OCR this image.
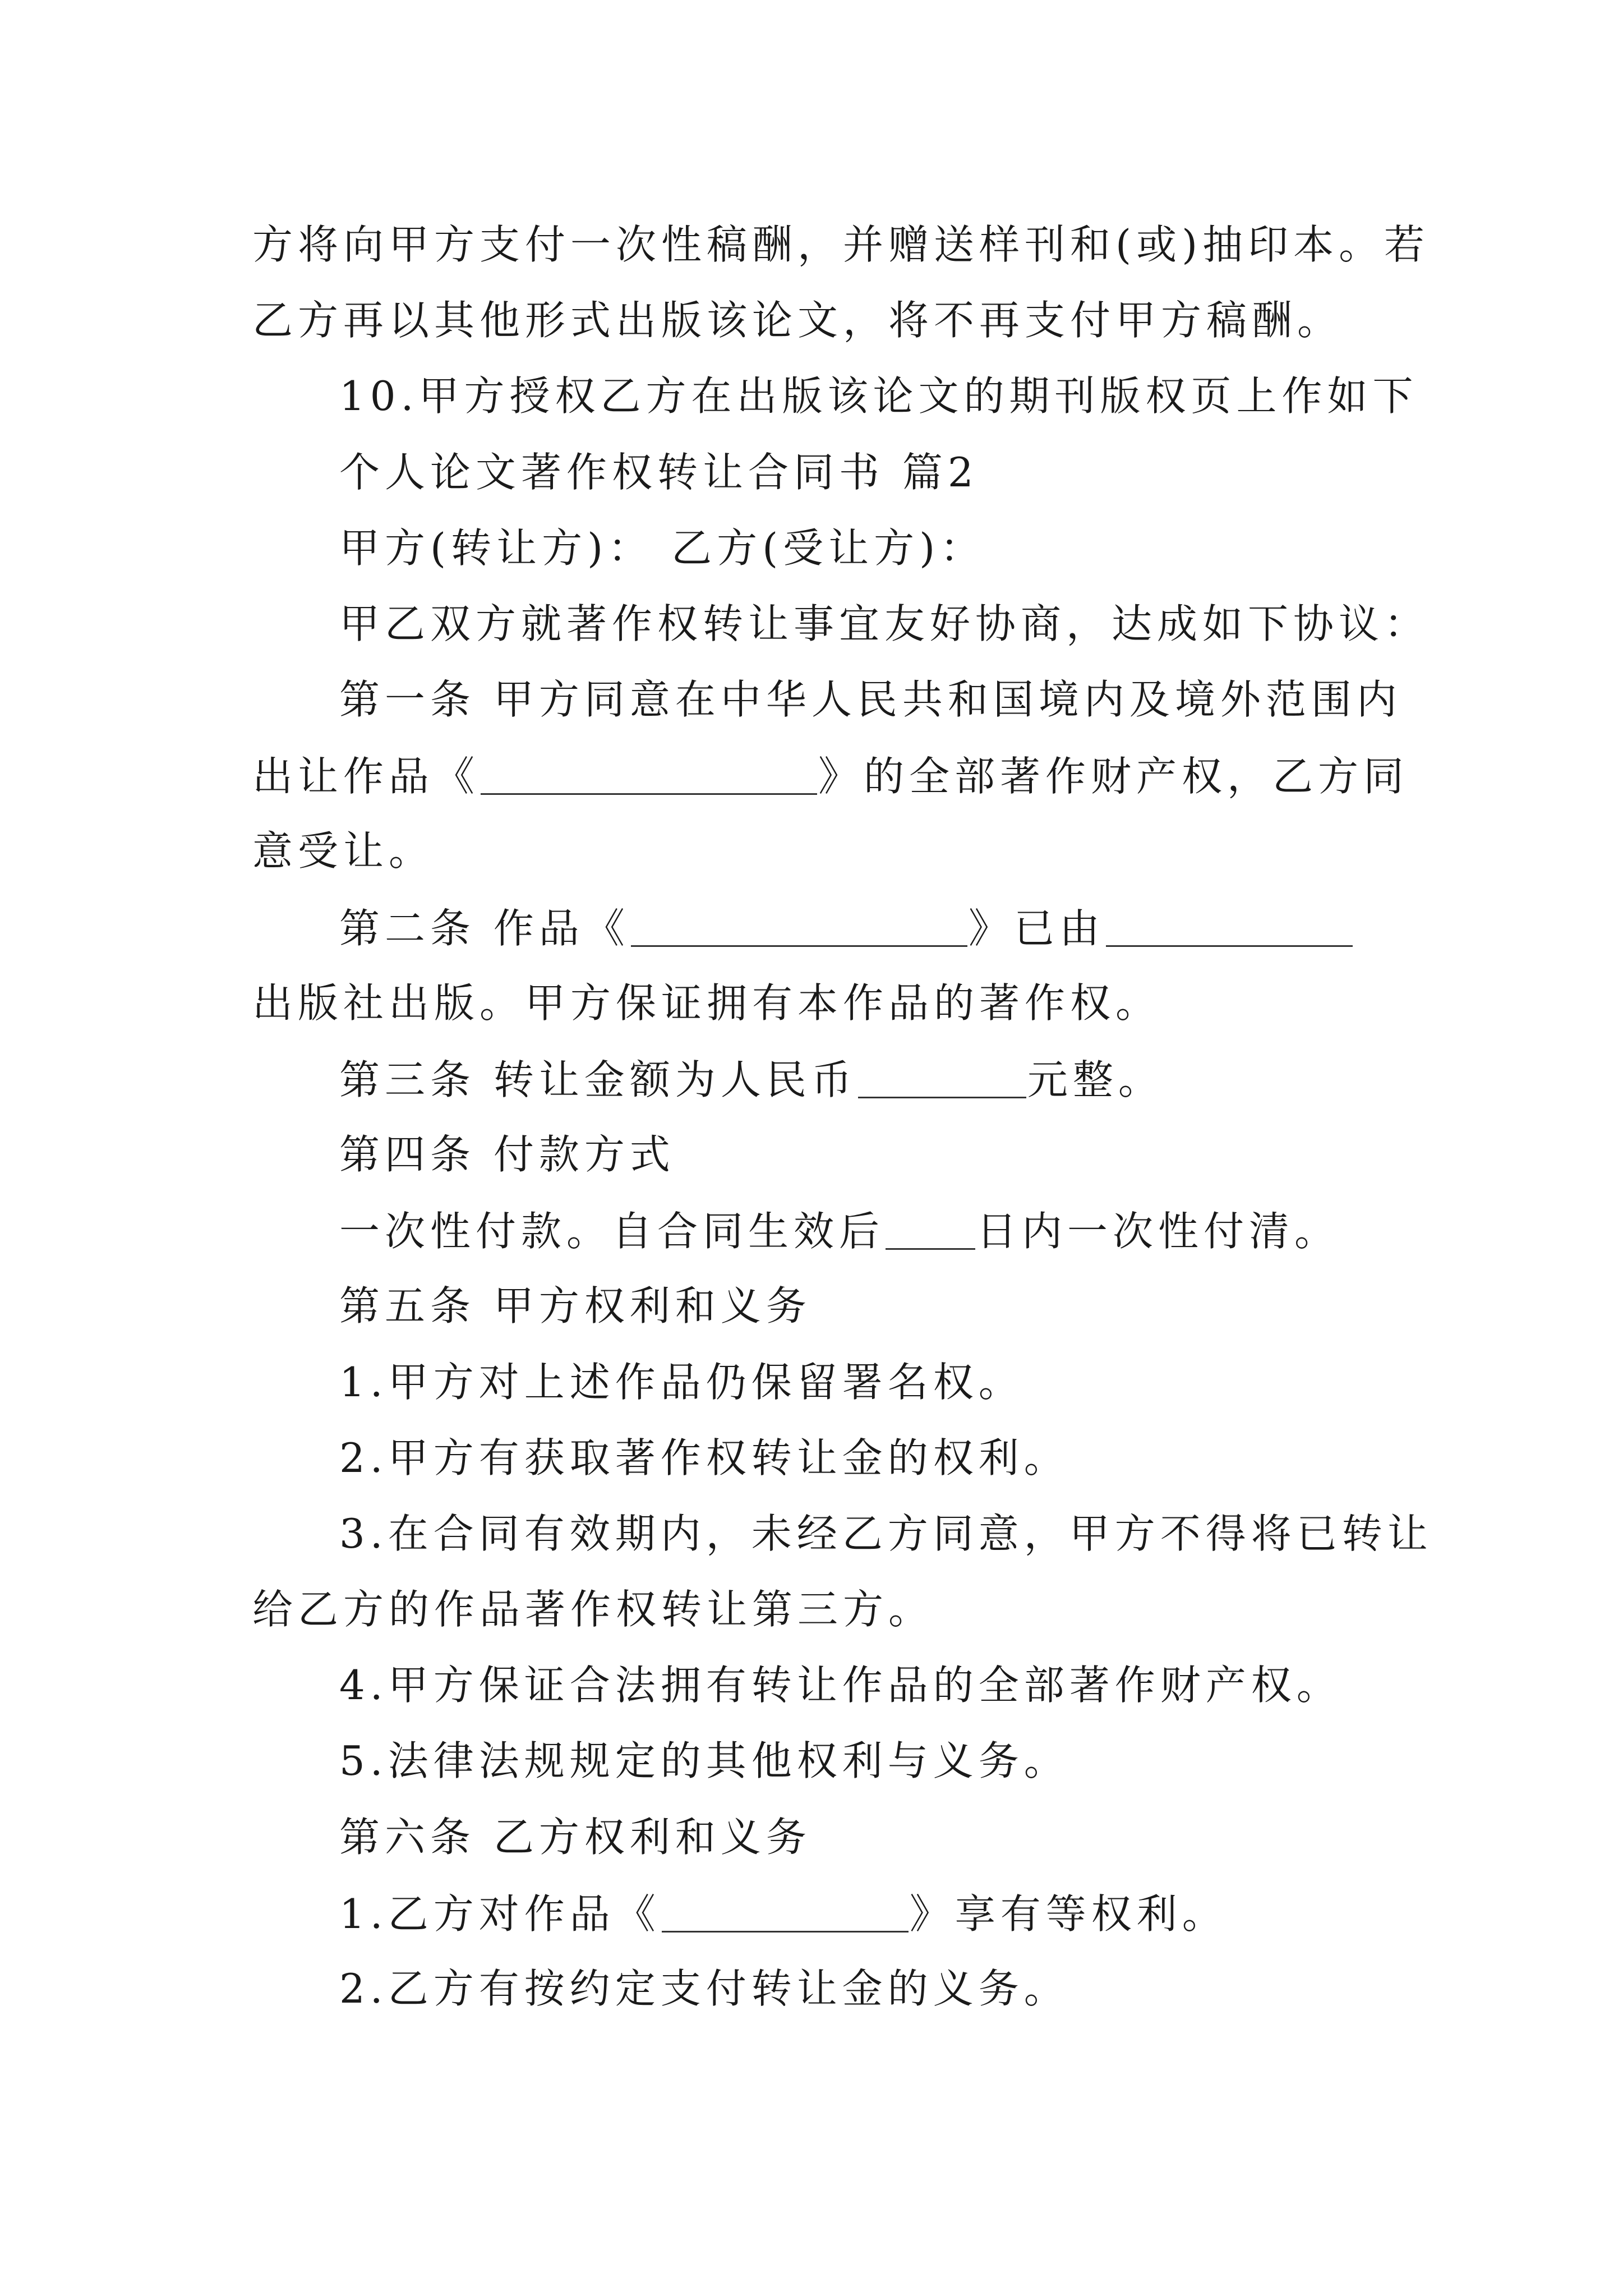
方将向甲方支付一次性稿酬，并赠送样刊和(或)抽印本。若
乙方再以其他形式出版该论文，将不再支付甲方稿酬。
10.甲方授权乙方在出版该论文的期刊版权页上作如下
个人论文著作权转让合同书 篇2
甲方(转让方)： 乙方(受让方)：
甲乙双方就著作权转让事宜友好协商，达成如下协议：
第一条 甲方同意在中华人民共和国境内及境外范围内
出让作品《	》的全部著作财产权，乙方同
意受让。
第二条 作品《	》已由
出版社出版。甲方保证拥有本作品的著作权。
第三条 转让金额为人民币	元整。
第四条 付款方式
一次性付款。自合同生效后 日内一次性付清。
第五条 甲方权利和义务
1.甲方对上述作品仍保留署名权。
2.甲方有获取著作权转让金的权利。
3.在合同有效期内，未经乙方同意，甲方不得将已转让
给乙方的作品著作权转让第三方。
4.甲方保证合法拥有转让作品的全部著作财产权。
5.法律法规规定的其他权利与义务。
第六条 乙方权利和义务
1.乙方对作品《	》享有等权利。
2.乙方有按约定支付转让金的义务。
